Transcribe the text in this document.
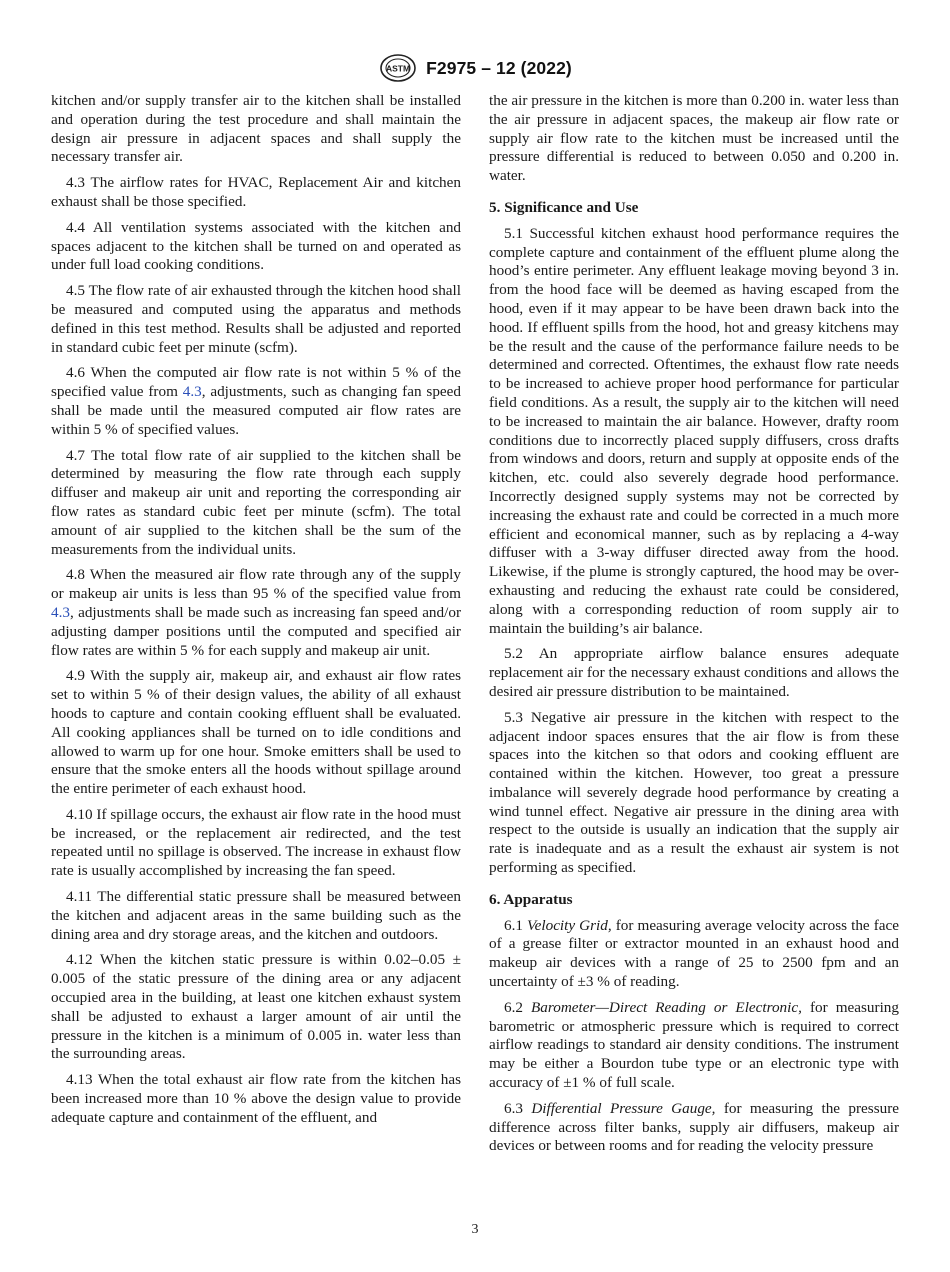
ASTM F2975 – 12 (2022)

kitchen and/or supply transfer air to the kitchen shall be installed and operation during the test procedure and shall maintain the design air pressure in adjacent spaces and shall supply the necessary transfer air.

4.3 The airflow rates for HVAC, Replacement Air and kitchen exhaust shall be those specified.

4.4 All ventilation systems associated with the kitchen and spaces adjacent to the kitchen shall be turned on and operated as under full load cooking conditions.

4.5 The flow rate of air exhausted through the kitchen hood shall be measured and computed using the apparatus and methods defined in this test method. Results shall be adjusted and reported in standard cubic feet per minute (scfm).

4.6 When the computed air flow rate is not within 5 % of the specified value from 4.3, adjustments, such as changing fan speed shall be made until the measured computed air flow rates are within 5 % of specified values.

4.7 The total flow rate of air supplied to the kitchen shall be determined by measuring the flow rate through each supply diffuser and makeup air unit and reporting the corresponding air flow rates as standard cubic feet per minute (scfm). The total amount of air supplied to the kitchen shall be the sum of the measurements from the individual units.

4.8 When the measured air flow rate through any of the supply or makeup air units is less than 95 % of the specified value from 4.3, adjustments shall be made such as increasing fan speed and/or adjusting damper positions until the computed and specified air flow rates are within 5 % for each supply and makeup air unit.

4.9 With the supply air, makeup air, and exhaust air flow rates set to within 5 % of their design values, the ability of all exhaust hoods to capture and contain cooking effluent shall be evaluated. All cooking appliances shall be turned on to idle conditions and allowed to warm up for one hour. Smoke emitters shall be used to ensure that the smoke enters all the hoods without spillage around the entire perimeter of each exhaust hood.

4.10 If spillage occurs, the exhaust air flow rate in the hood must be increased, or the replacement air redirected, and the test repeated until no spillage is observed. The increase in exhaust flow rate is usually accomplished by increasing the fan speed.

4.11 The differential static pressure shall be measured between the kitchen and adjacent areas in the same building such as the dining area and dry storage areas, and the kitchen and outdoors.

4.12 When the kitchen static pressure is within 0.02–0.05 ± 0.005 of the static pressure of the dining area or any adjacent occupied area in the building, at least one kitchen exhaust system shall be adjusted to exhaust a larger amount of air until the pressure in the kitchen is a minimum of 0.005 in. water less than the surrounding areas.

4.13 When the total exhaust air flow rate from the kitchen has been increased more than 10 % above the design value to provide adequate capture and containment of the effluent, and

the air pressure in the kitchen is more than 0.200 in. water less than the air pressure in adjacent spaces, the makeup air flow rate or supply air flow rate to the kitchen must be increased until the pressure differential is reduced to between 0.050 and 0.200 in. water.

5. Significance and Use

5.1 Successful kitchen exhaust hood performance requires the complete capture and containment of the effluent plume along the hood’s entire perimeter. Any effluent leakage moving beyond 3 in. from the hood face will be deemed as having escaped from the hood, even if it may appear to be have been drawn back into the hood. If effluent spills from the hood, hot and greasy kitchens may be the result and the cause of the performance failure needs to be determined and corrected. Oftentimes, the exhaust flow rate needs to be increased to achieve proper hood performance for particular field conditions. As a result, the supply air to the kitchen will need to be increased to maintain the air balance. However, drafty room conditions due to incorrectly placed supply diffusers, cross drafts from windows and doors, return and supply at opposite ends of the kitchen, etc. could also severely degrade hood performance. Incorrectly designed supply systems may not be corrected by increasing the exhaust rate and could be corrected in a much more efficient and economical manner, such as by replacing a 4-way diffuser with a 3-way diffuser directed away from the hood. Likewise, if the plume is strongly captured, the hood may be over-exhausting and reducing the exhaust rate could be considered, along with a corresponding reduction of room supply air to maintain the building’s air balance.

5.2 An appropriate airflow balance ensures adequate replacement air for the necessary exhaust conditions and allows the desired air pressure distribution to be maintained.

5.3 Negative air pressure in the kitchen with respect to the adjacent indoor spaces ensures that the air flow is from these spaces into the kitchen so that odors and cooking effluent are contained within the kitchen. However, too great a pressure imbalance will severely degrade hood performance by creating a wind tunnel effect. Negative air pressure in the dining area with respect to the outside is usually an indication that the supply air rate is inadequate and as a result the exhaust air system is not performing as specified.

6. Apparatus

6.1 Velocity Grid, for measuring average velocity across the face of a grease filter or extractor mounted in an exhaust hood and makeup air devices with a range of 25 to 2500 fpm and an uncertainty of ±3 % of reading.

6.2 Barometer—Direct Reading or Electronic, for measuring barometric or atmospheric pressure which is required to correct airflow readings to standard air density conditions. The instrument may be either a Bourdon tube type or an electronic type with accuracy of ±1 % of full scale.

6.3 Differential Pressure Gauge, for measuring the pressure difference across filter banks, supply air diffusers, makeup air devices or between rooms and for reading the velocity pressure

3
